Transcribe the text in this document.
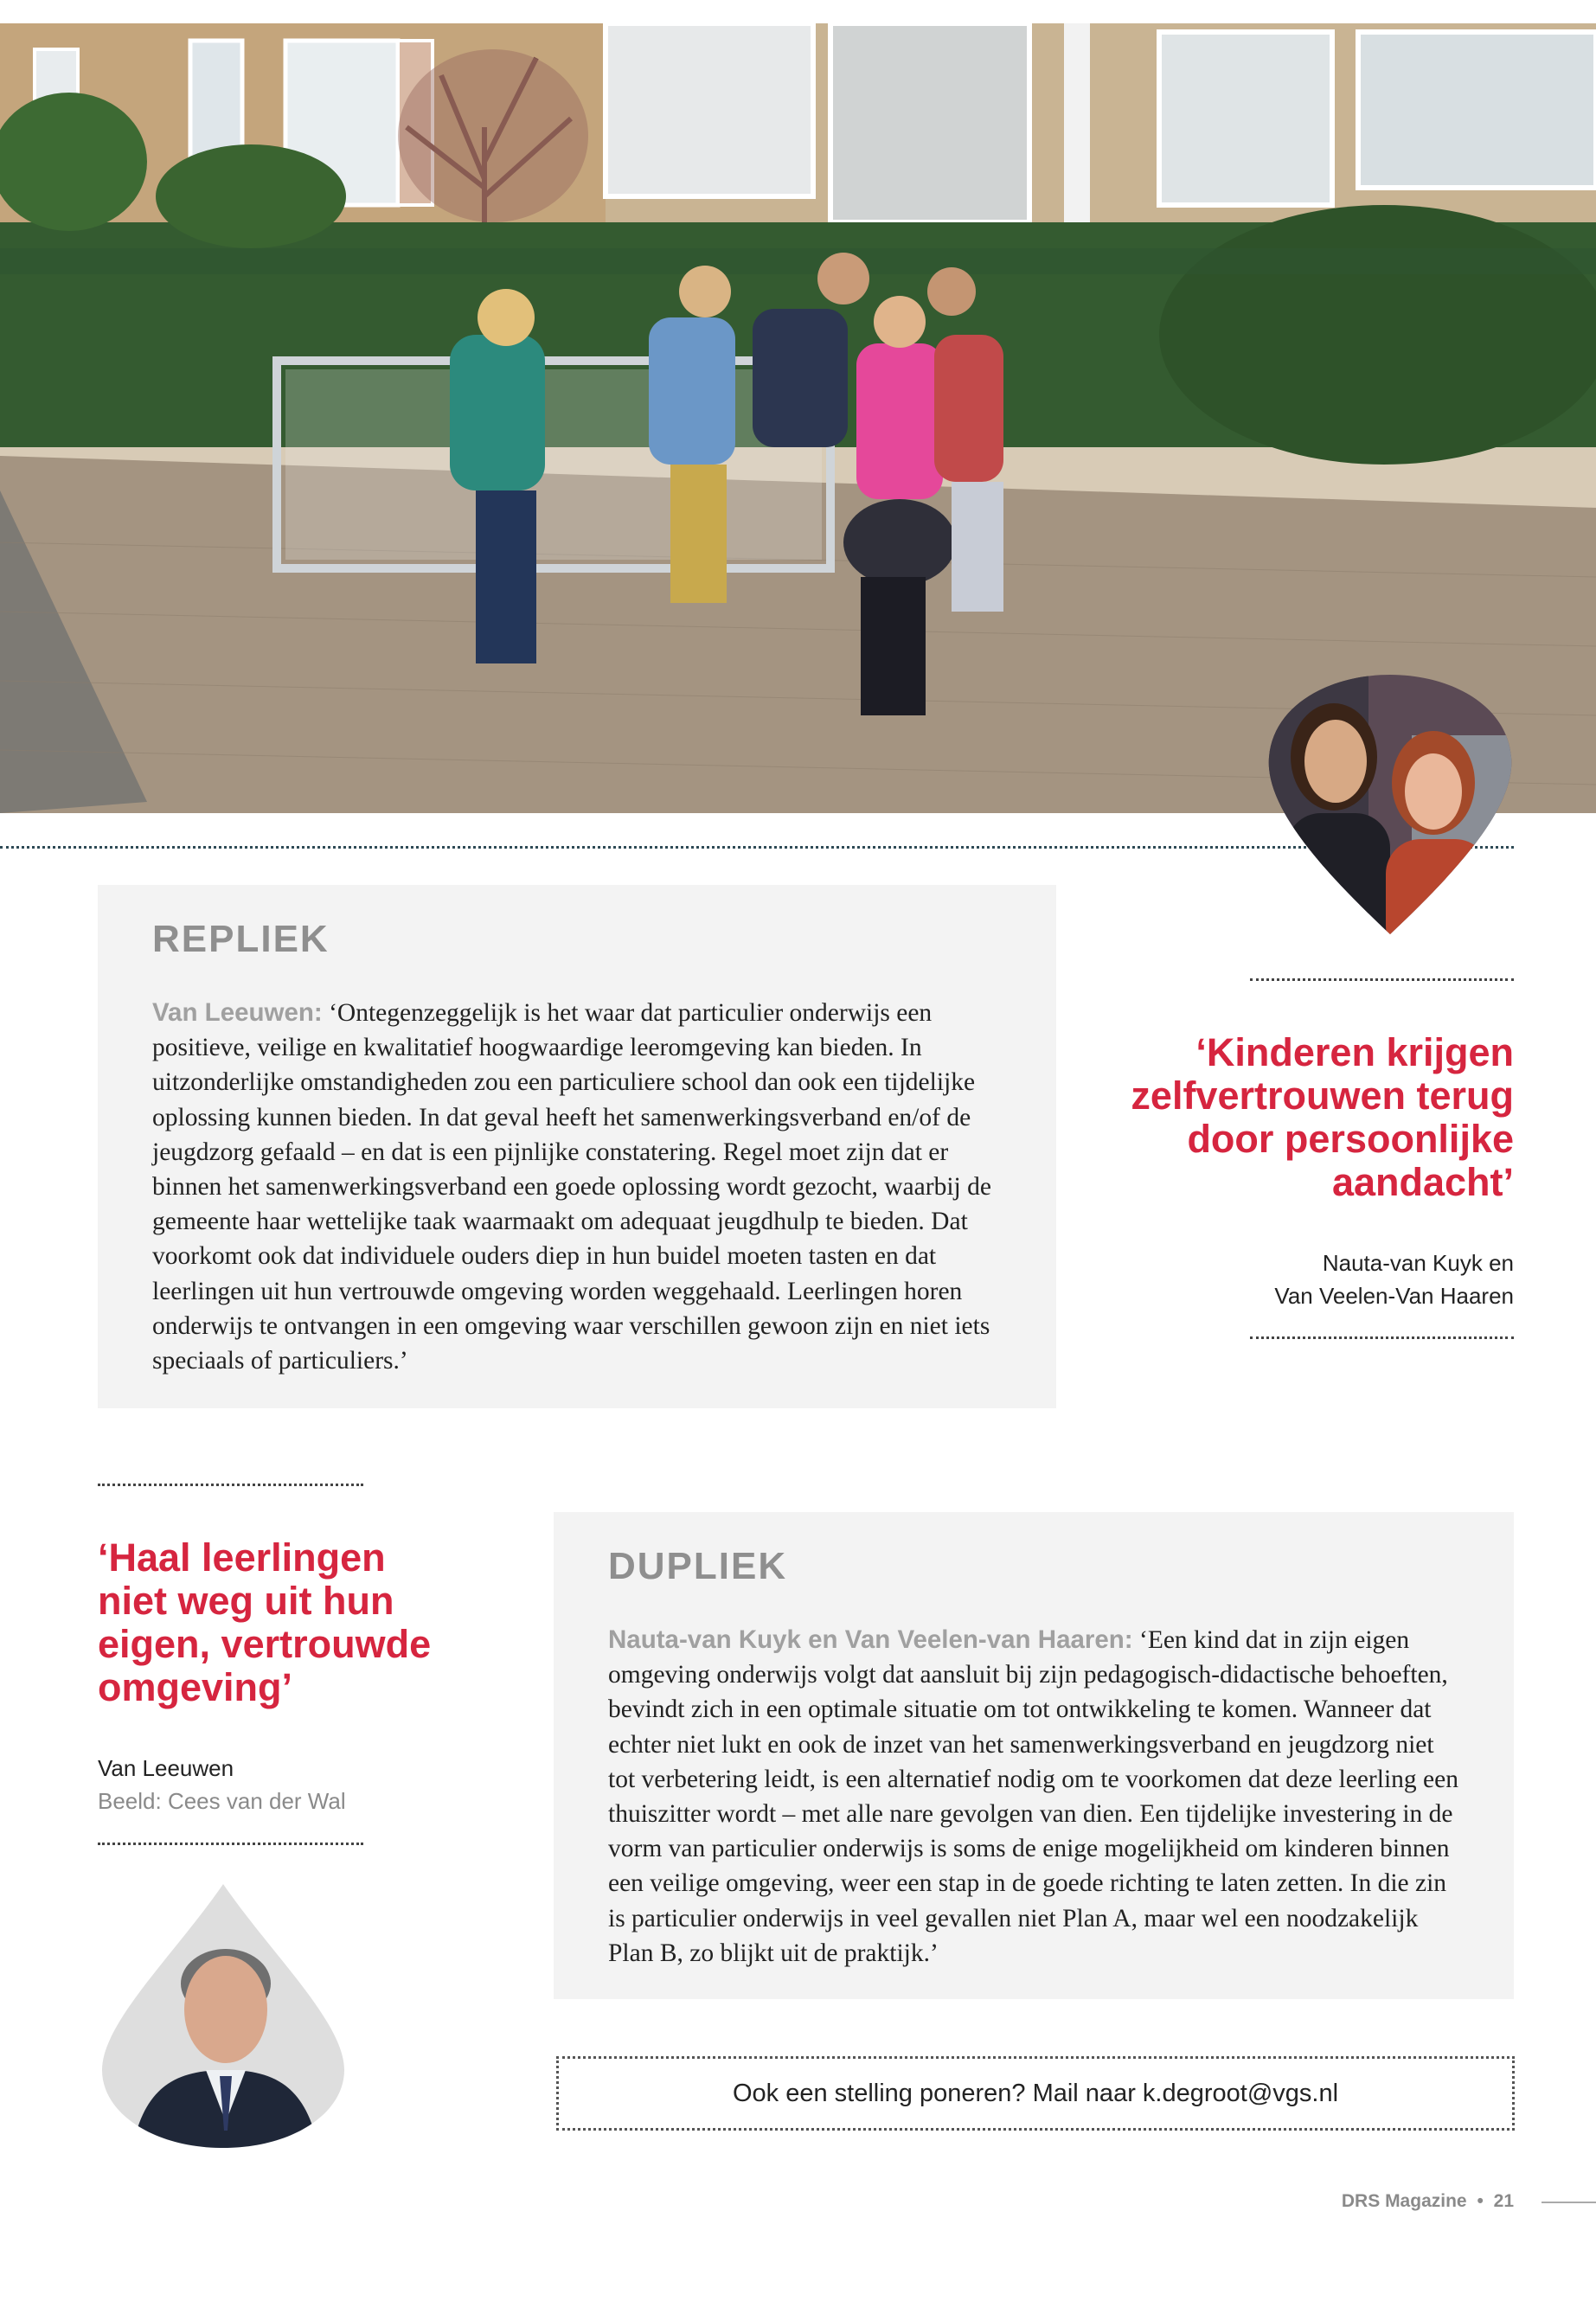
REPLIEK

Van Leeuwen: ‘Ontegenzeggelijk is het waar dat particulier onderwijs een positieve, veilige en kwalitatief hoogwaardige leeromgeving kan bieden. In uitzonderlijke omstandigheden zou een particuliere school dan ook een tijdelijke oplossing kunnen bieden. In dat geval heeft het samenwerkingsverband en/of de jeugdzorg gefaald – en dat is een pijnlijke constatering. Regel moet zijn dat er binnen het samenwerkingsverband een goede oplossing wordt gezocht, waarbij de gemeente haar wettelijke taak waarmaakt om adequaat jeugdhulp te bieden. Dat voorkomt ook dat individuele ouders diep in hun buidel moeten tasten en dat leerlingen uit hun vertrouwde omgeving worden weggehaald. Leerlingen horen onderwijs te ontvangen in een omgeving waar verschillen gewoon zijn en niet iets speciaals of particuliers.’

‘Kinderen krijgen zelfvertrouwen terug door persoonlijke aandacht’

Nauta-van Kuyk en
Van Veelen-Van Haaren

‘Haal leerlingen niet weg uit hun eigen, vertrouwde omgeving’

Van Leeuwen
Beeld: Cees van der Wal
DUPLIEK

Nauta-van Kuyk en Van Veelen-van Haaren: ‘Een kind dat in zijn eigen omgeving onderwijs volgt dat aansluit bij zijn pedagogisch-didactische behoeften, bevindt zich in een optimale situatie om tot ontwikkeling te komen. Wanneer dat echter niet lukt en ook de inzet van het samenwerkingsverband en jeugdzorg niet tot verbetering leidt, is een alternatief nodig om te voorkomen dat deze leerling een thuiszitter wordt – met alle nare gevolgen van dien. Een tijdelijke investering in de vorm van particulier onderwijs is soms de enige mogelijkheid om kinderen binnen een veilige omgeving, weer een stap in de goede richting te laten zetten. In die zin is particulier onderwijs in veel gevallen niet Plan A, maar wel een noodzakelijk Plan B, zo blijkt uit de praktijk.’

Ook een stelling poneren? Mail naar k.degroot@vgs.nl
DRS Magazine • 21
